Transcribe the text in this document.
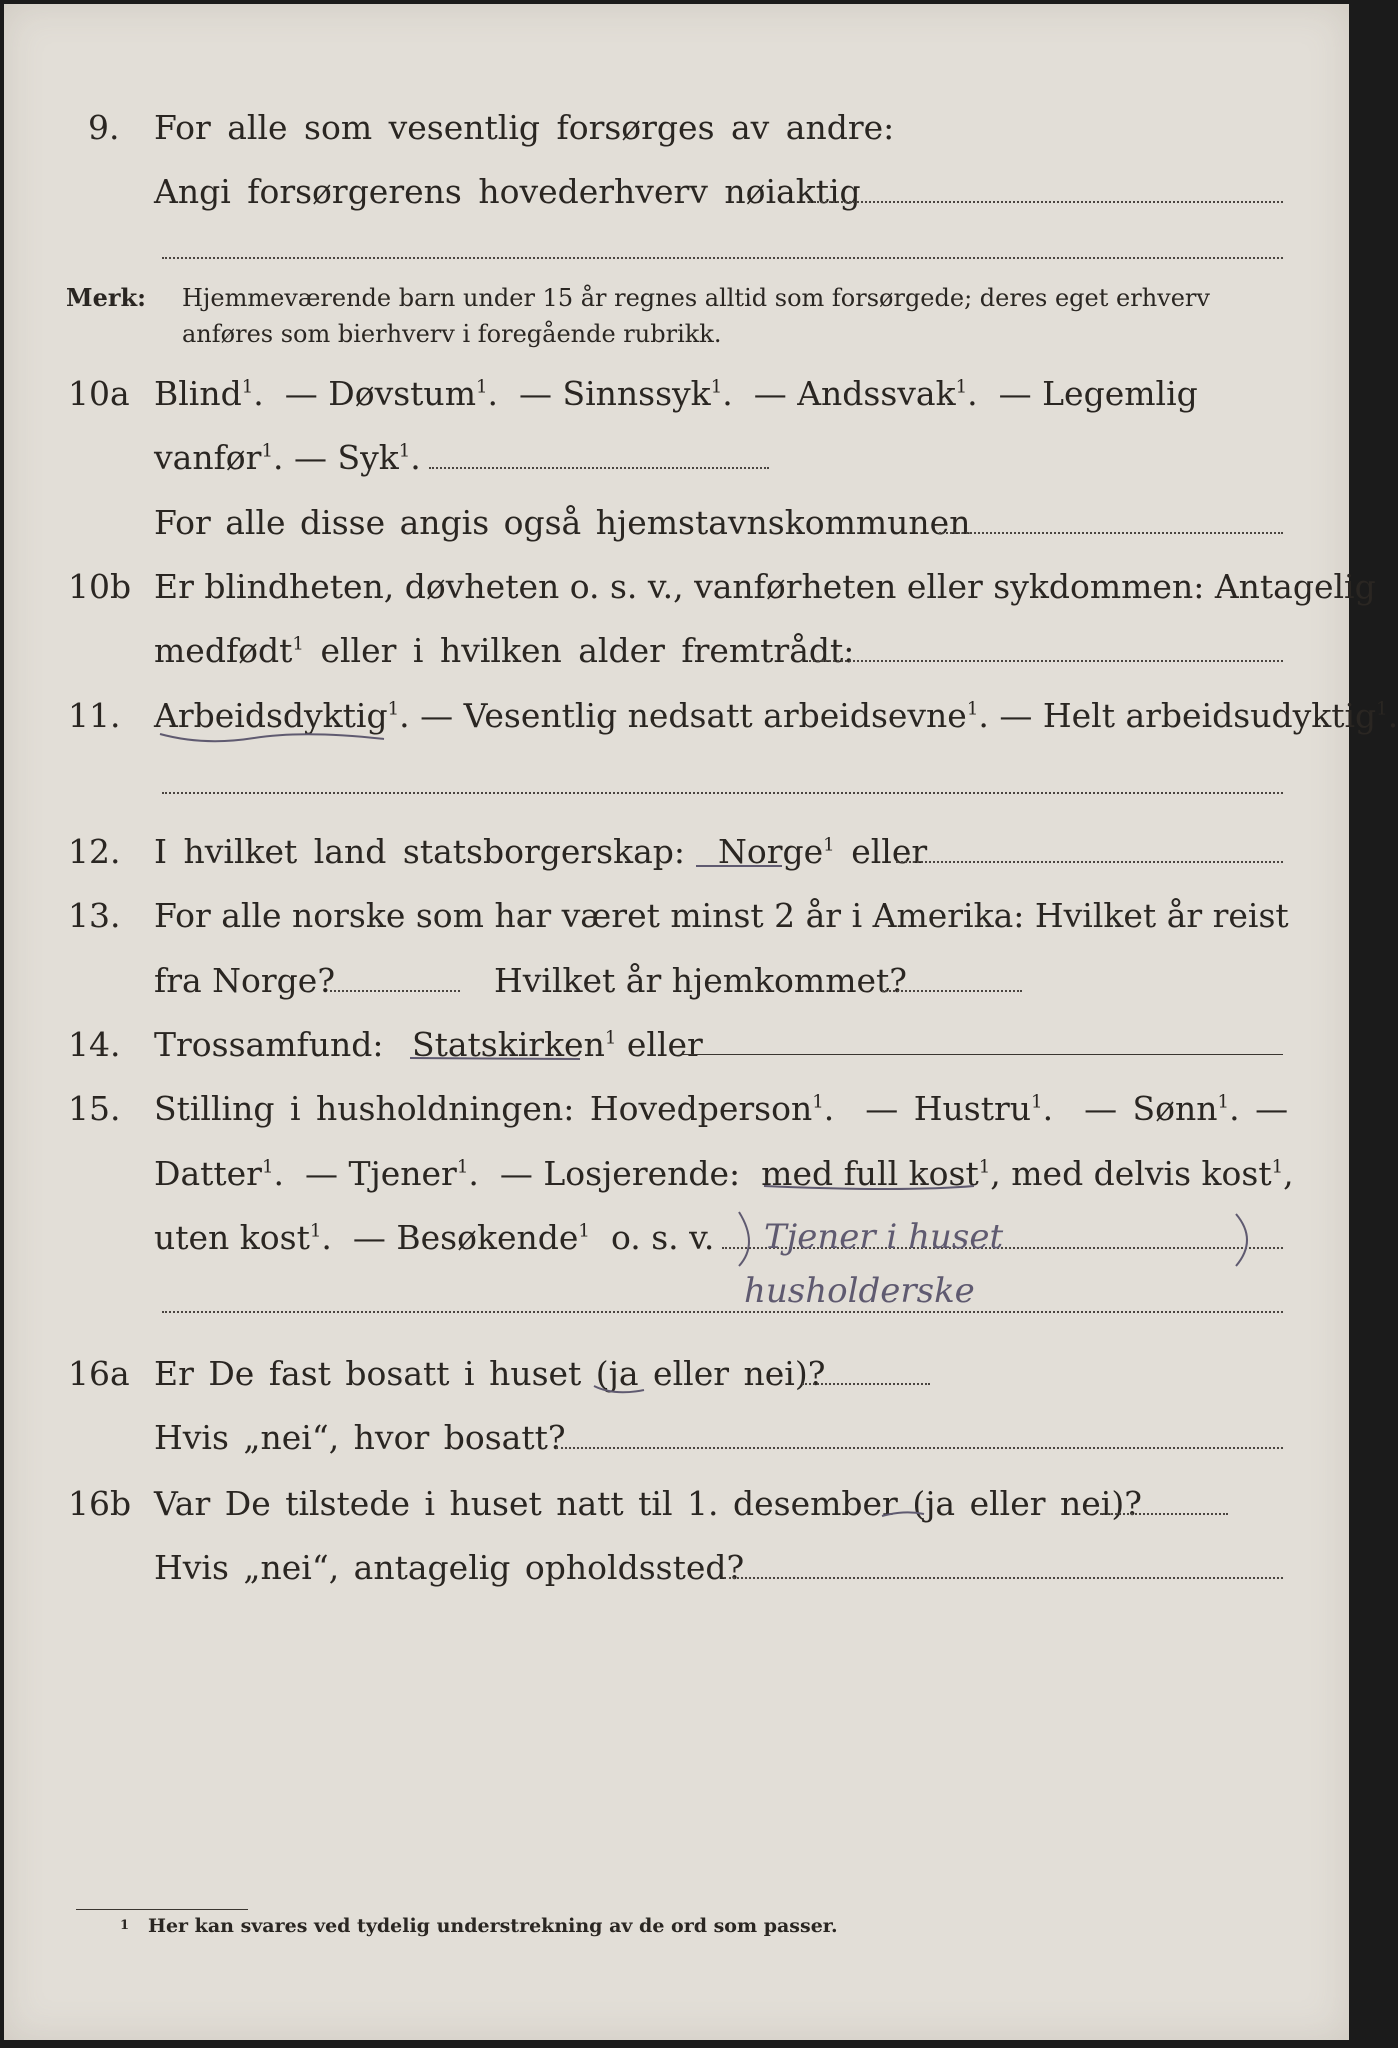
9. For alle som vesentlig forsørges av andre:
Angi forsørgerens hovederhverv nøiaktig
Merk: Hjemmeværende barn under 15 år regnes alltid som forsørgede; deres eget erhverv
anføres som bierhverv i foregående rubrikk.
10a Blind$^1$.  — Døvstum$^1$.  — Sinnssyk$^1$.  — Andssvak$^1$.  — Legemlig
vanfør$^1$. — Syk$^1$.
For alle disse angis også hjemstavnskommunen
10b Er blindheten, døvheten o. s. v., vanførheten eller sykdommen: Antagelig
medfødt$^1$ eller i hvilken alder fremtrådt:
11. Arbeidsdyktig$^1$. — Vesentlig nedsatt arbeidsevne$^1$. — Helt arbeidsudyktig$^1$.
12. I hvilket land statsborgerskap: Norge$^1$ eller
13. For alle norske som har været minst 2 år i Amerika: Hvilket år reist
fra Norge?	Hvilket år hjemkommet?
14. Trossamfund: Statskirken$^1$ eller
15. Stilling i husholdningen: Hovedperson$^1$.  — Hustru$^1$.  — Sønn$^1$. —
Datter$^1$.  — Tjener$^1$.  — Losjerende: med full kost$^1$, med delvis kost$^1$,
uten kost$^1$.  — Besøkende$^1$ o. s. v.
16a Er De fast bosatt i huset (ja eller nei)?
Hvis „nei“, hvor bosatt?
16b Var De tilstede i huset natt til 1. desember (ja eller nei)?
Hvis „nei“, antagelig opholdssted?
1 Her kan svares ved tydelig understrekning av de ord som passer.
Tjener i huset
husholderske
